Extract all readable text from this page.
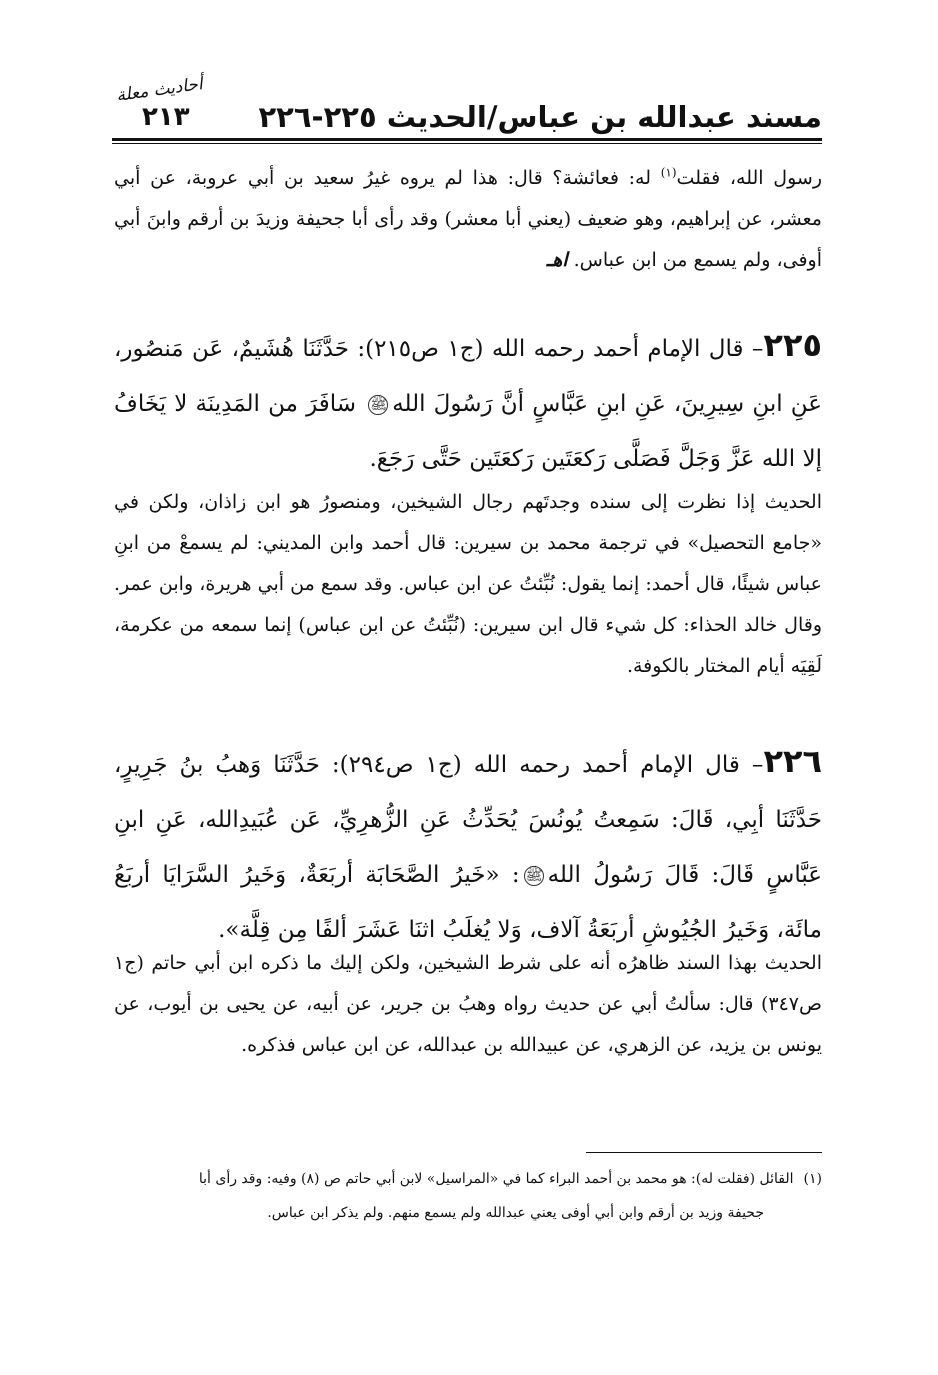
مسند عبدالله بن عباس/الحديث ٢٢٥-٢٢٦
أحاديث معلة
٢١٣
رسول الله، فقلت$^{(١)}$ له: فعائشة؟ قال: هذا لم يروه غيرُ سعيد بن أبي عروبة، عن أبي معشر، عن إبراهيم، وهو ضعيف (يعني أبا معشر) وقد رأى أبا جحيفة وزيدَ بن أرقم وابنَ أبي أوفى، ولم يسمع من ابن عباس. اهـ
٢٢٥– قال الإمام أحمد رحمه الله (ج١ ص٢١٥): حَدَّثَنَا هُشَيمٌ، عَن مَنصُور، عَنِ ابنِ سِيرِينَ، عَنِ ابنِ عَبَّاسٍ أنَّ رَسُولَ اللهﷺ سَافَرَ من المَدِينَة لا يَخَافُ إلا الله عَزَّ وَجَلَّ فَصَلَّى رَكعَتَين رَكعَتَين حَتَّى رَجَعَ.
الحديث إذا نظرت إلى سنده وجدتَهم رجال الشيخين، ومنصورُ هو ابن زاذان، ولكن في «جامع التحصيل» في ترجمة محمد بن سيرين: قال أحمد وابن المديني: لم يسمعْ من ابنِ عباس شيئًا، قال أحمد: إنما يقول: نُبِّئتُ عن ابن عباس. وقد سمع من أبي هريرة، وابن عمر. وقال خالد الحذاء: كل شيء قال ابن سيرين: (نُبِّئتُ عن ابن عباس) إنما سمعه من عكرمة، لَقِيَه أيام المختار بالكوفة.
٢٢٦– قال الإمام أحمد رحمه الله (ج١ ص٢٩٤): حَدَّثَنَا وَهبُ بنُ جَرِيرٍ، حَدَّثَنَا أبِي، قَالَ: سَمِعتُ يُونُسَ يُحَدِّثُ عَنِ الزُّهرِيِّ، عَن عُبَيدِالله، عَنِ ابنِ عَبَّاسٍ قَالَ: قَالَ رَسُولُ اللهﷺ: «خَيرُ الصَّحَابَة أربَعَةٌ، وَخَيرُ السَّرَايَا أربَعُ مائَة، وَخَيرُ الجُيُوشِ أربَعَةُ آلاف، وَلا يُغلَبُ اثنَا عَشَرَ ألفًا مِن قِلَّة».
الحديث بهذا السند ظاهرُه أنه على شرط الشيخين، ولكن إليك ما ذكره ابن أبي حاتم (ج١ ص٣٤٧) قال: سألتُ أبي عن حديث رواه وهبُ بن جرير، عن أبيه، عن يحيى بن أيوب، عن يونس بن يزيد، عن الزهري، عن عبيدالله بن عبدالله، عن ابن عباس فذكره.
(١)القائل (فقلت له): هو محمد بن أحمد البراء كما في «المراسيل» لابن أبي حاتم ص (٨) وفيه: وقد رأى أبا
جحيفة وزيد بن أرقم وابن أبي أوفى يعني عبدالله ولم يسمع منهم. ولم يذكر ابن عباس.
